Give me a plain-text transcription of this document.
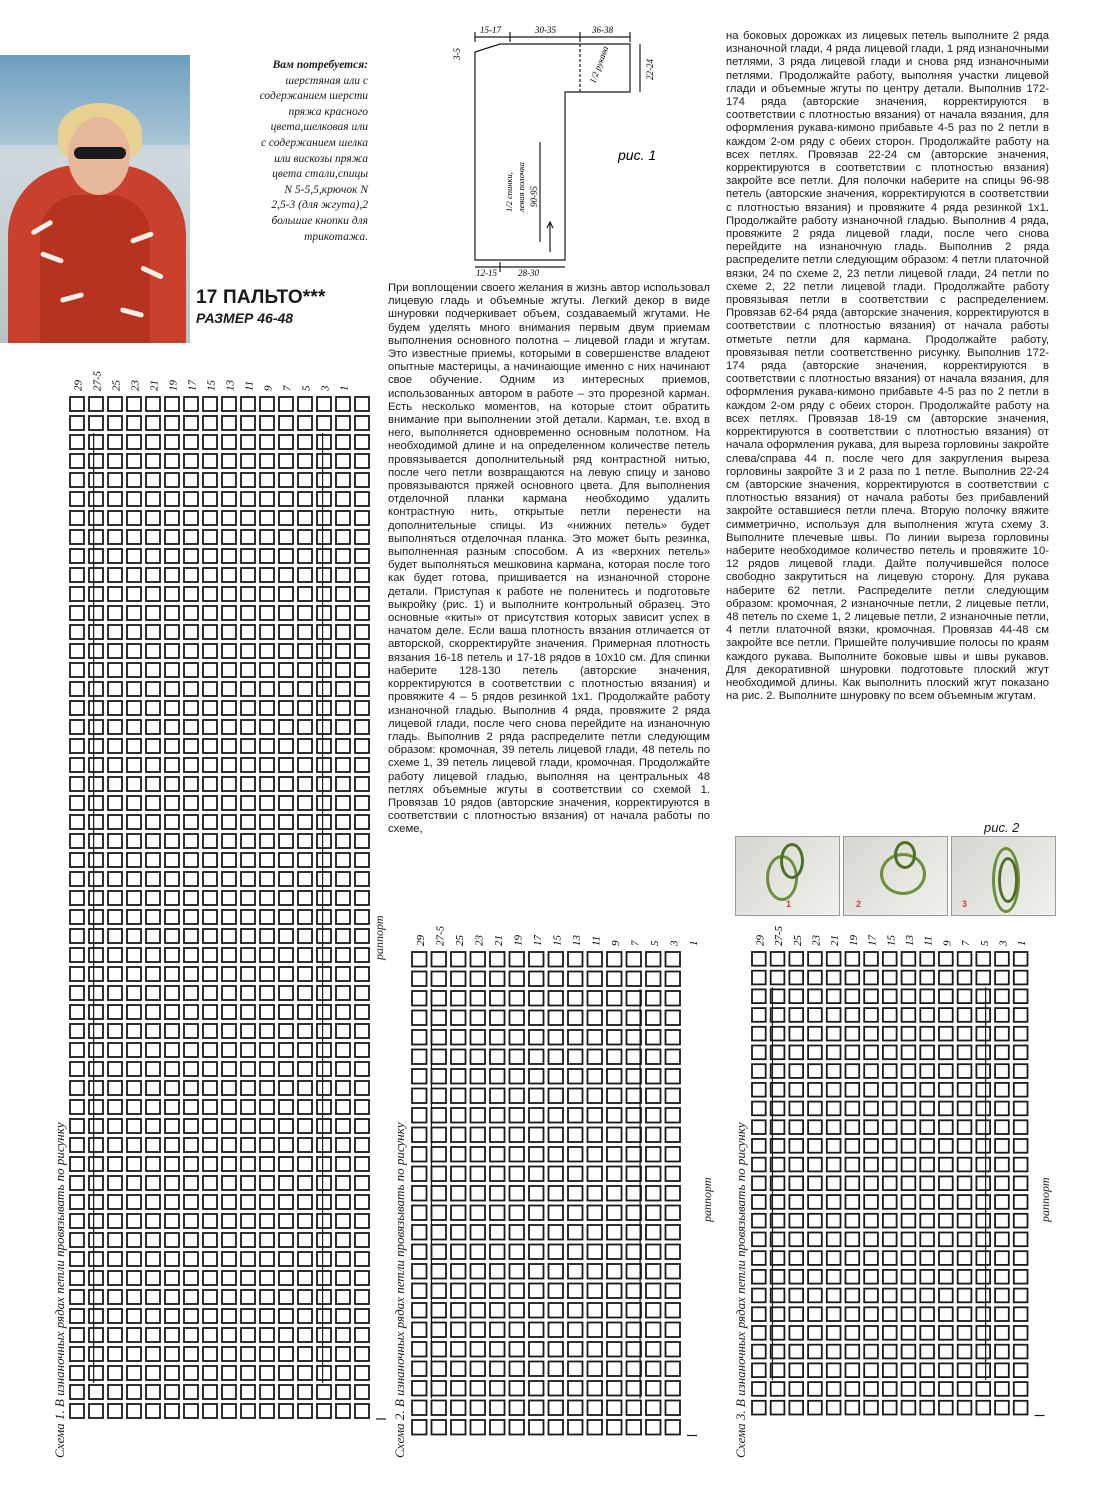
Вам потребуется:
шерстяная или с
содержанием шерсти
пряжа красного
цвета,шелковая или
с содержанием шелка
или вискозы пряжа
цвета стали,спицы
N 5-5,5,крючок N
2,5-3 (для жгута),2
большие кнопки для
трикотажа.
17 ПАЛЬТО***
РАЗМЕР 46-48
15-17	30-35	36-38
3-5
22-24
1/2 рукава
90-95
1/2 спинки, левая полочка
рис. 1
12-15 28-30

При воплощении своего желания в жизнь автор использовал лицевую гладь и объемные жгуты. Легкий декор в виде шнуровки подчеркивает объем, создаваемый жгутами. Не будем уделять много внимания первым двум приемам выполнения основного полотна – лицевой глади и жгутам. Это известные приемы, которыми в совершенстве владеют опытные мастерицы, а начинающие именно с них начинают свое обучение. Одним из интересных приемов, использованных автором в работе – это прорезной карман. Есть несколько моментов, на которые стоит обратить внимание при выполнении этой детали. Карман, т.е. вход в него, выполняется одновременно основным полотном. На необходимой длине и на определенном количестве петель провязывается дополнительный ряд контрастной нитью, после чего петли возвращаются на левую спицу и заново провязываются пряжей основного цвета. Для выполнения отделочной планки кармана необходимо удалить контрастную нить, открытые петли перенести на дополнительные спицы. Из «нижних петель» будет выполняться отделочная планка. Это может быть резинка, выполненная разным способом. А из «верхних петель» будет выполняться мешковина кармана, которая после того как будет готова, пришивается на изнаночной стороне детали. Приступая к работе не поленитесь и подготовьте выкройку (рис. 1) и выполните контрольный образец. Это основные «киты» от присутствия которых зависит успех в начатом деле. Если ваша плотность вязания отличается от авторской, скорректируйте значения. Примерная плотность вязания 16-18 петель и 17-18 рядов в 10х10 см. Для спинки наберите 128-130 петель (авторские значения, корректируются в соответствии с плотностью вязания) и провяжите 4 – 5 рядов резинкой 1х1. Продолжайте работу изнаночной гладью. Выполнив 4 ряда, провяжите 2 ряда лицевой глади, после чего снова перейдите на изнаночную гладь. Выполнив 2 ряда распределите петли следующим образом: кромочная, 39 петель лицевой глади, 48 петель по схеме 1, 39 петель лицевой глади, кромочная. Продолжайте работу лицевой гладью, выполняя на центральных 48 петлях объемные жгуты в соответствии со схемой 1. Провязав 10 рядов (авторские значения, корректируются в соответствии с плотностью вязания) от начала работы по схеме,

на боковых дорожках из лицевых петель выполните 2 ряда изнаночной глади, 4 ряда лицевой глади, 1 ряд изнаночными петлями, 3 ряда лицевой глади и снова ряд изнаночными петлями. Продолжайте работу, выполняя участки лицевой глади и объемные жгуты по центру детали. Выполнив 172-174 ряда (авторские значения, корректируются в соответствии с плотностью вязания) от начала вязания, для оформления рукава-кимоно прибавьте 4-5 раз по 2 петли в каждом 2-ом ряду с обеих сторон. Продолжайте работу на всех петлях. Провязав 22-24 см (авторские значения, корректируются в соответствии с плотностью вязания) закройте все петли. Для полочки наберите на спицы 96-98 петель (авторские значения, корректируются в соответствии с плотностью вязания) и провяжите 4 ряда резинкой 1х1. Продолжайте работу изнаночной гладью. Выполнив 4 ряда, провяжите 2 ряда лицевой глади, после чего снова перейдите на изнаночную гладь. Выполнив 2 ряда распределите петли следующим образом: 4 петли платочной вязки, 24 по схеме 2, 23 петли лицевой глади, 24 петли по схеме 2, 22 петли лицевой глади. Продолжайте работу провязывая петли в соответствии с распределением. Провязав 62-64 ряда (авторские значения, корректируются в соответствии с плотностью вязания) от начала работы отметьте петли для кармана. Продолжайте работу, провязывая петли соответственно рисунку. Выполнив 172-174 ряда (авторские значения, корректируются в соответствии с плотностью вязания) от начала вязания, для оформления рукава-кимоно прибавьте 4-5 раз по 2 петли в каждом 2-ом ряду с обеих сторон. Продолжайте работу на всех петлях. Провязав 18-19 см (авторские значения, корректируются в соответствии с плотностью вязания) от начала оформления рукава, для выреза горловины закройте слева/справа 44 п. после чего для закругления выреза горловины закройте 3 и 2 раза по 1 петле. Выполнив 22-24 см (авторские значения, корректируются в соответствии с плотностью вязания) от начала работы без прибавлений закройте оставшиеся петли плеча. Вторую полочку вяжите симметрично, используя для выполнения жгута схему 3. Выполните плечевые швы. По линии выреза горловины наберите необходимое количество петель и провяжите 10-12 рядов лицевой глади. Дайте получившейся полосе свободно закрутиться на лицевую сторону. Для рукава наберите 62 петли. Распределите петли следующим образом: кромочная, 2 изнаночные петли, 2 лицевые петли, 48 петель по схеме 1, 2 лицевые петли, 2 изнаночные петли, 4 петли платочной вязки, кромочная. Провязав 44-48 см закройте все петли. Пришейте получившие полосы по краям каждого рукава. Выполните боковые швы и швы рукавов. Для декоративной шнуровки подготовьте плоский жгут необходимой длины. Как выполнить плоский жгут показано на рис. 2. Выполните шнуровку по всем объемным жгутам.

рис. 2
1	2	3
29 27-5 25 23 21 19 17 15 13 11 9 7 5 3 1
Схема 1. В изнаночных рядах петли провязывать по рисунку
раппорт	29 27-5 25 23 21 19 17 15 13 11 9 7 5 3 1
Схема 2. В изнаночных рядах петли провязывать по рисунку	раппорт
29 27-5 25 23 21 19 17 15 13 11 9 7 5 3 1
Схема 3. В изнаночных рядах петли провязывать по рисунку	раппорт
